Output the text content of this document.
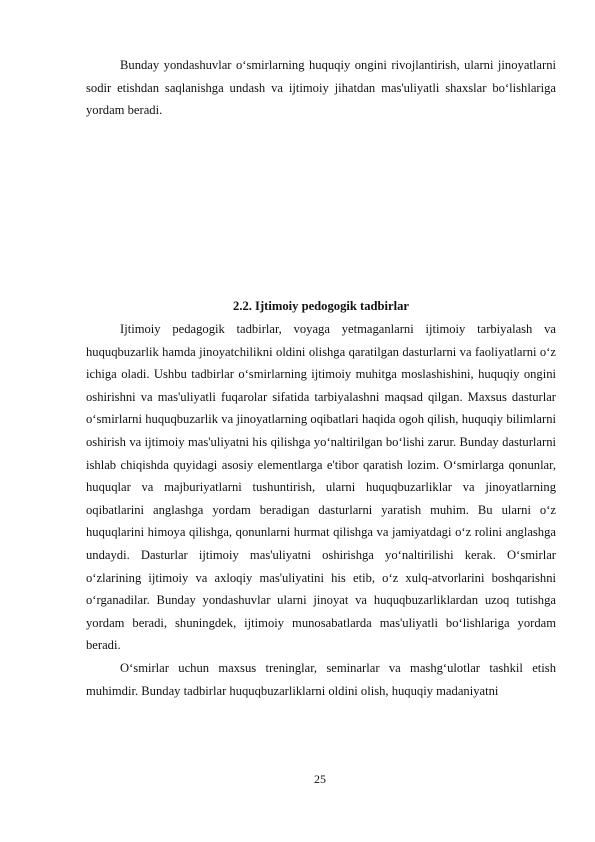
Bunday yondashuvlar o‘smirlarning huquqiy ongini rivojlantirish, ularni jinoyatlarni sodir etishdan saqlanishga undash va ijtimoiy jihatdan mas'uliyatli shaxslar bo‘lishlariga yordam beradi.

2.2. Ijtimoiy pedogogik tadbirlar

Ijtimoiy pedagogik tadbirlar, voyaga yetmaganlarni ijtimoiy tarbiyalash va huquqbuzarlik hamda jinoyatchilikni oldini olishga qaratilgan dasturlarni va faoliyatlarni o‘z ichiga oladi. Ushbu tadbirlar o‘smirlarning ijtimoiy muhitga moslashishini, huquqiy ongini oshirishni va mas'uliyatli fuqarolar sifatida tarbiyalashni maqsad qilgan. Maxsus dasturlar o‘smirlarni huquqbuzarlik va jinoyatlarning oqibatlari haqida ogoh qilish, huquqiy bilimlarni oshirish va ijtimoiy mas'uliyatni his qilishga yo‘naltirilgan bo‘lishi zarur. Bunday dasturlarni ishlab chiqishda quyidagi asosiy elementlarga e'tibor qaratish lozim. O‘smirlarga qonunlar, huquqlar va majburiyatlarni tushuntirish, ularni huquqbuzarliklar va jinoyatlarning oqibatlarini anglashga yordam beradigan dasturlarni yaratish muhim. Bu ularni o‘z huquqlarini himoya qilishga, qonunlarni hurmat qilishga va jamiyatdagi o‘z rolini anglashga undaydi. Dasturlar ijtimoiy mas'uliyatni oshirishga yo‘naltirilishi kerak. O‘smirlar o‘zlarining ijtimoiy va axloqiy mas'uliyatini his etib, o‘z xulq-atvorlarini boshqarishni o‘rganadilar. Bunday yondashuvlar ularni jinoyat va huquqbuzarliklardan uzoq tutishga yordam beradi, shuningdek, ijtimoiy munosabatlarda mas'uliyatli bo‘lishlariga yordam beradi.

O‘smirlar uchun maxsus treninglar, seminarlar va mashg‘ulotlar tashkil etish muhimdir. Bunday tadbirlar huquqbuzarliklarni oldini olish, huquqiy madaniyatni

25
